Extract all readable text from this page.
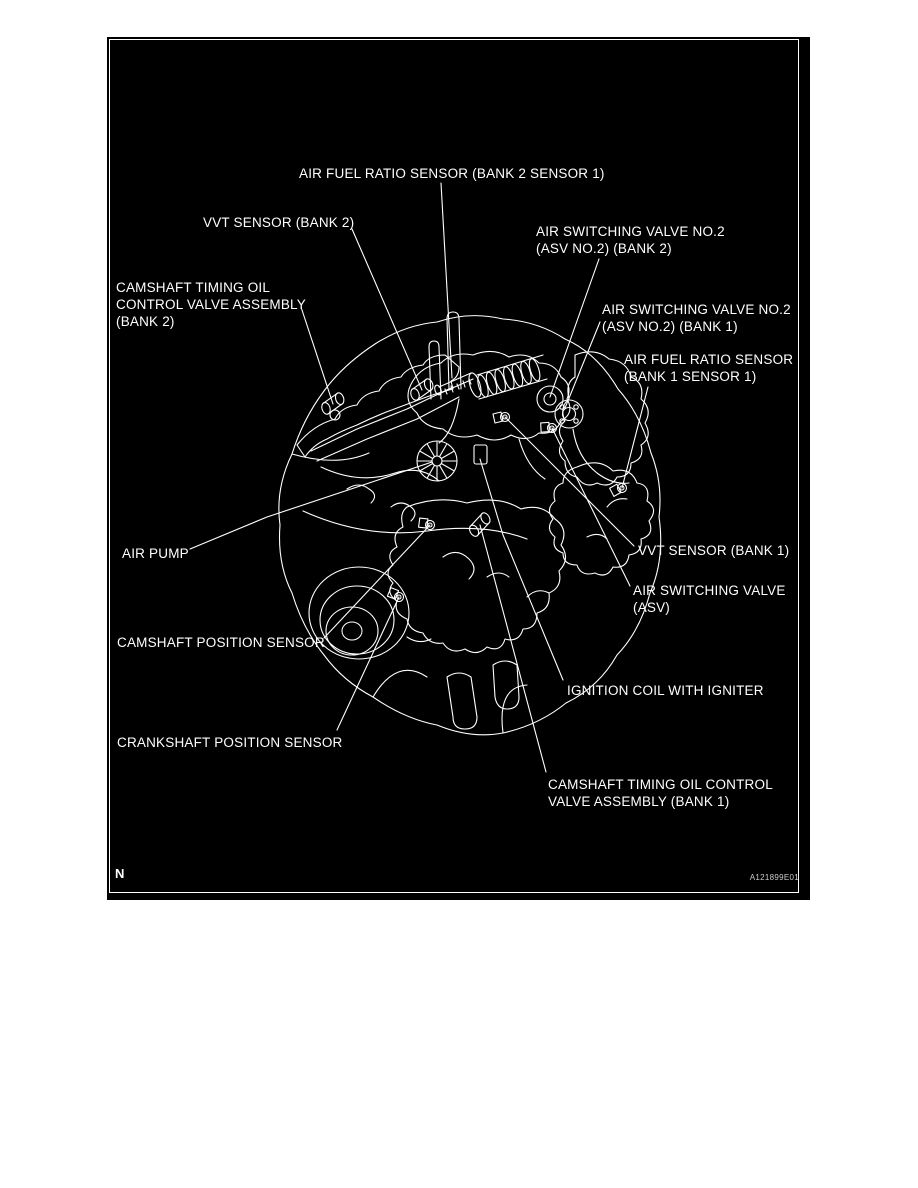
AIR FUEL RATIO SENSOR (BANK 2 SENSOR 1)
VVT SENSOR (BANK 2)
AIR SWITCHING VALVE NO.2
(ASV NO.2) (BANK 2)
CAMSHAFT TIMING OIL
CONTROL VALVE ASSEMBLY
(BANK 2)
AIR SWITCHING VALVE NO.2
(ASV NO.2) (BANK 1)
AIR FUEL RATIO SENSOR
(BANK 1 SENSOR 1)
AIR PUMP	VVT SENSOR (BANK 1)
AIR SWITCHING VALVE
(ASV)
CAMSHAFT POSITION SENSOR
IGNITION COIL WITH IGNITER
CRANKSHAFT POSITION SENSOR
CAMSHAFT TIMING OIL CONTROL
VALVE ASSEMBLY (BANK 1)
N	A121899E01
